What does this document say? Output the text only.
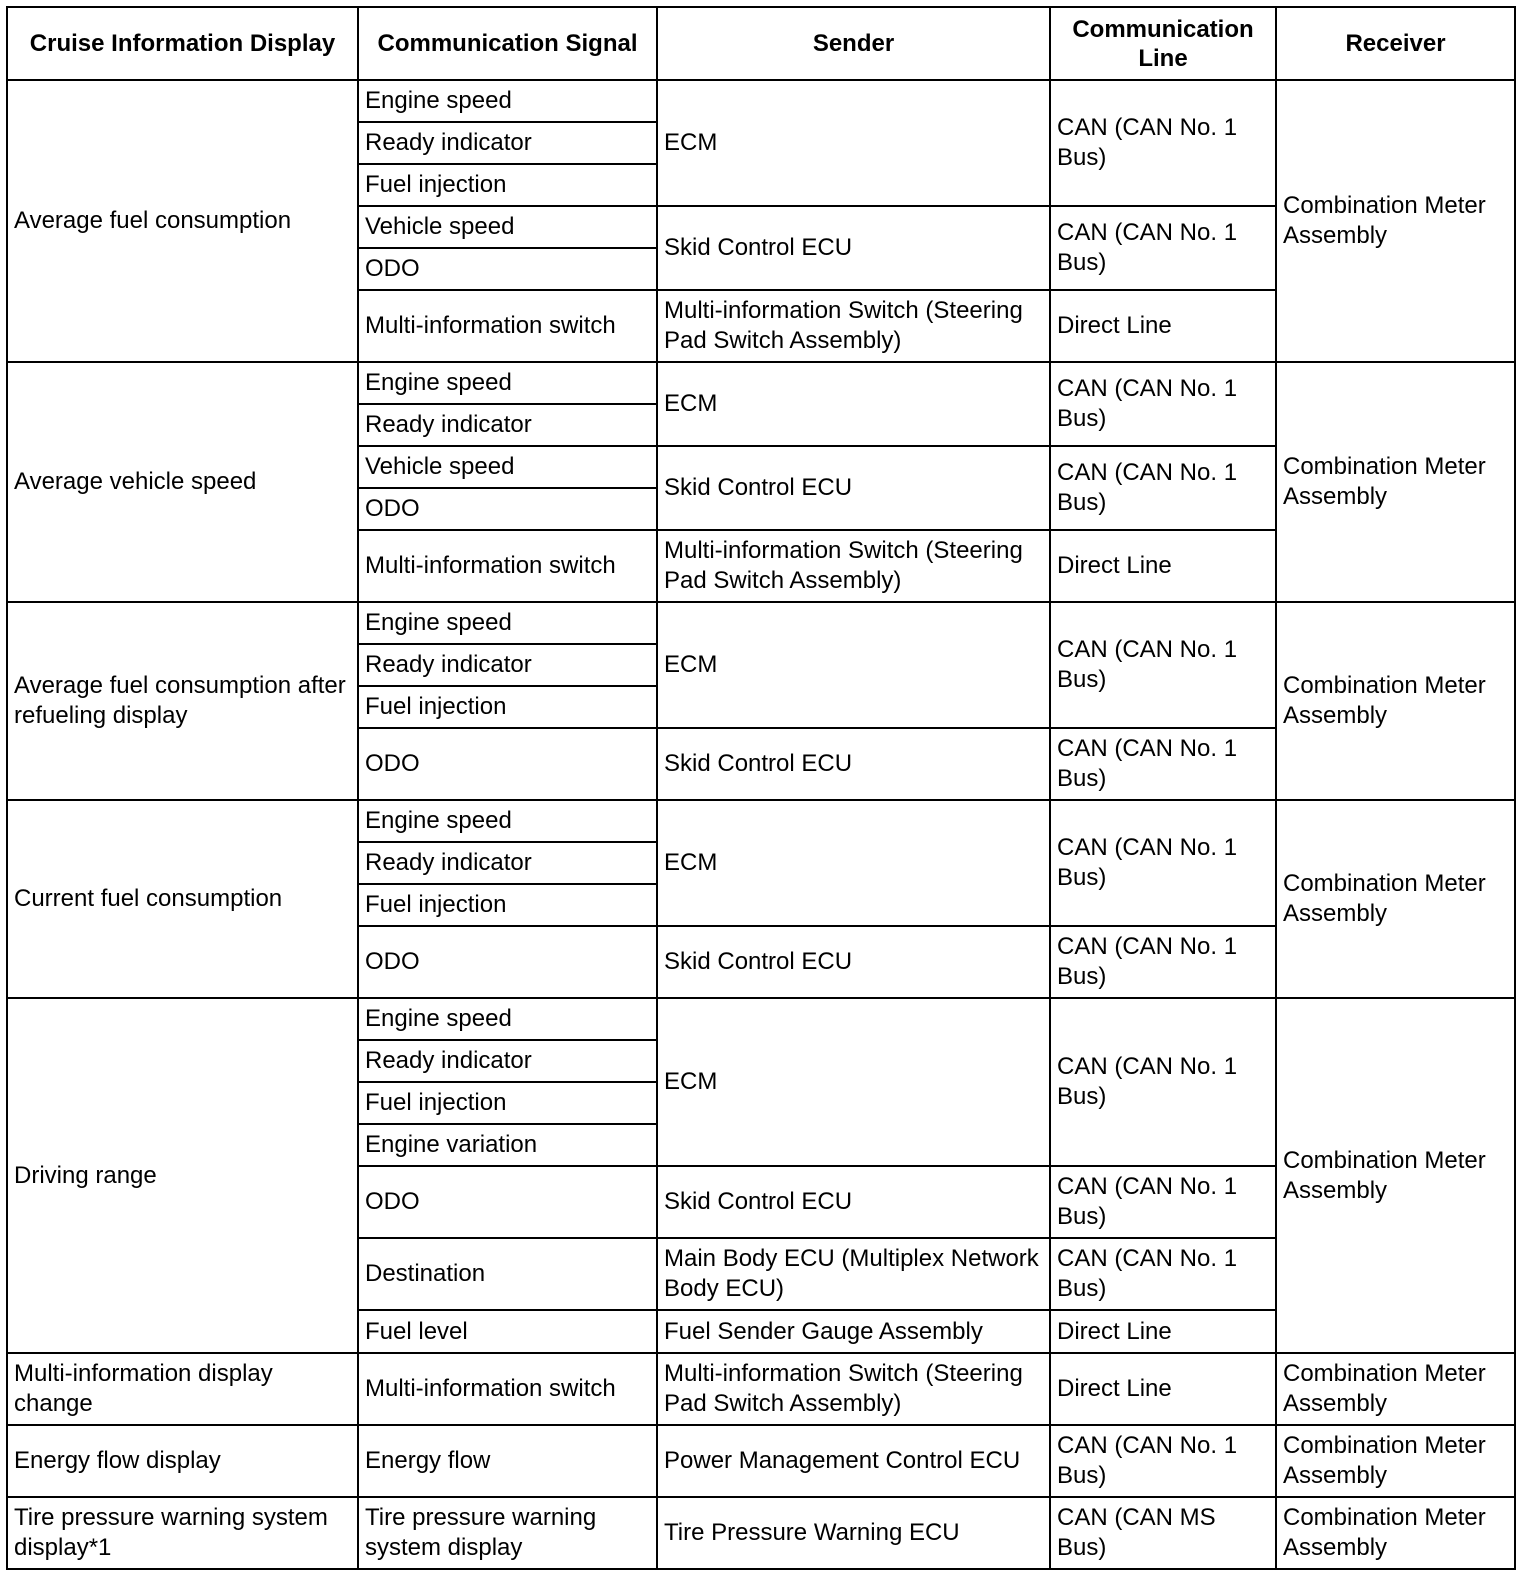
Cruise Information Display	Communication Signal	Sender	Communication Line	Receiver
Average fuel consumption	Engine speed	ECM	CAN (CAN No. 1 Bus)	Combination Meter Assembly
	Ready indicator			
	Fuel injection			
	Vehicle speed	Skid Control ECU	CAN (CAN No. 1 Bus)	
	ODO			
	Multi-information switch	Multi-information Switch (Steering Pad Switch Assembly)	Direct Line	
Average vehicle speed	Engine speed	ECM	CAN (CAN No. 1 Bus)	Combination Meter Assembly
	Ready indicator			
	Vehicle speed	Skid Control ECU	CAN (CAN No. 1 Bus)	
	ODO			
	Multi-information switch	Multi-information Switch (Steering Pad Switch Assembly)	Direct Line	
Average fuel consumption after refueling display	Engine speed	ECM	CAN (CAN No. 1 Bus)	Combination Meter Assembly
	Ready indicator			
	Fuel injection			
	ODO	Skid Control ECU	CAN (CAN No. 1 Bus)	
Current fuel consumption	Engine speed	ECM	CAN (CAN No. 1 Bus)	Combination Meter Assembly
	Ready indicator			
	Fuel injection			
	ODO	Skid Control ECU	CAN (CAN No. 1 Bus)	
Driving range	Engine speed	ECM	CAN (CAN No. 1 Bus)	Combination Meter Assembly
	Ready indicator			
	Fuel injection			
	Engine variation			
	ODO	Skid Control ECU	CAN (CAN No. 1 Bus)	
	Destination	Main Body ECU (Multiplex Network Body ECU)	CAN (CAN No. 1 Bus)	
	Fuel level	Fuel Sender Gauge Assembly	Direct Line	
Multi-information display change	Multi-information switch	Multi-information Switch (Steering Pad Switch Assembly)	Direct Line	Combination Meter Assembly
Energy flow display	Energy flow	Power Management Control ECU	CAN (CAN No. 1 Bus)	Combination Meter Assembly
Tire pressure warning system display*1	Tire pressure warning system display	Tire Pressure Warning ECU	CAN (CAN MS Bus)	Combination Meter Assembly
